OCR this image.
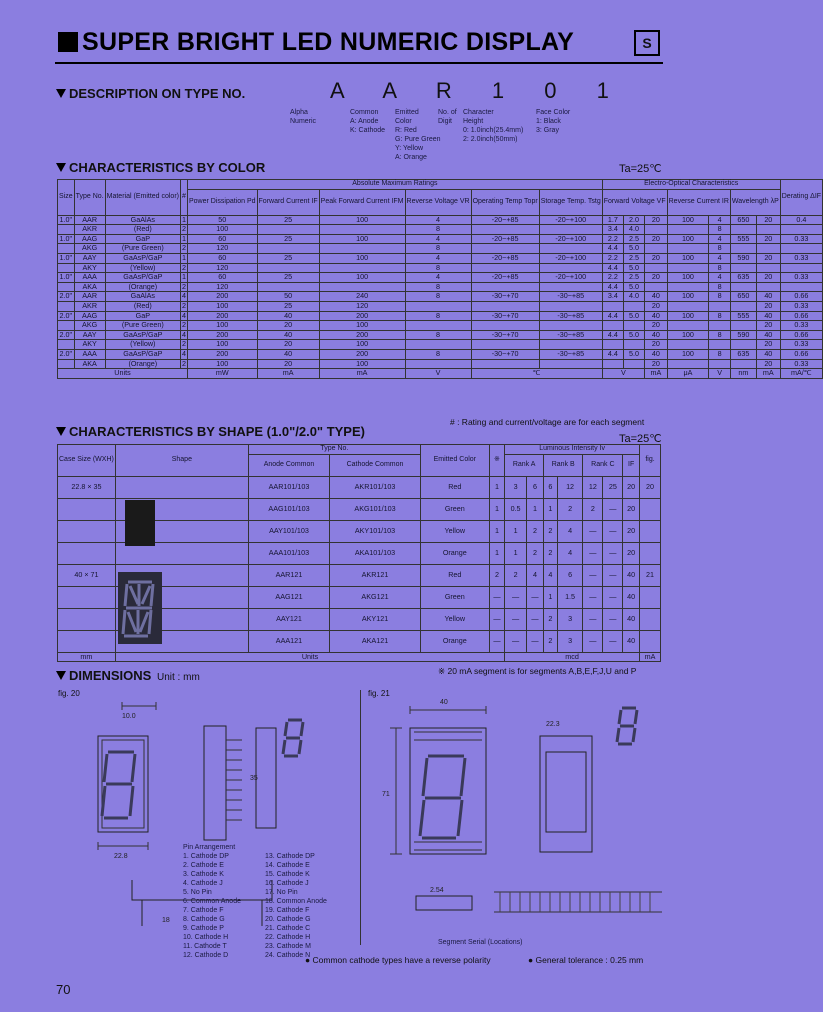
SUPER BRIGHT LED NUMERIC DISPLAY	S
DESCRIPTION ON TYPE NO.	A A R 1 0 1
Alpha
Numeric
Common
A: Anode
K: Cathode
Emitted
Color
R: Red
G: Pure Green
Y: Yellow
A: Orange
No. of
Digit
Character
Height
0: 1.0inch(25.4mm)
2: 2.0inch(50mm)
Face Color
1: Black
3: Gray
CHARACTERISTICS BY COLOR	Ta=25℃
Size	Type No.	Material (Emitted color)	#	Absolute Maximum Ratings						Electro-Optical Characteristics							Derating ΔIF
				Power Dissipation Pd	Forward Current IF	Peak Forward Current IFM	Reverse Voltage VR	Operating Temp Topr	Storage Temp. Tstg	Forward Voltage VF			Reverse Current IR		Wavelength λP		
1.0"	AAR	GaAlAs	1	50	25	100	4	-20~+85	-20~+100	1.7	2.0	20	100	4	650	20	0.4
	AKR	(Red)	2	100			8			3.4	4.0			8			
1.0"	AAG	GaP	1	60	25	100	4	-20~+85	-20~+100	2.2	2.5	20	100	4	555	20	0.33
	AKG	(Pure Green)	2	120			8			4.4	5.0			8			
1.0"	AAY	GaAsP/GaP	1	60	25	100	4	-20~+85	-20~+100	2.2	2.5	20	100	4	590	20	0.33
	AKY	(Yellow)	2	120			8			4.4	5.0			8			
1.0"	AAA	GaAsP/GaP	1	60	25	100	4	-20~+85	-20~+100	2.2	2.5	20	100	4	635	20	0.33
	AKA	(Orange)	2	120			8			4.4	5.0			8			
2.0"	AAR	GaAlAs	4	200	50	240	8	-30~+70	-30~+85	3.4	4.0	40	100	8	650	40	0.66
	AKR	(Red)	2	100	25	120						20				20	0.33
2.0"	AAG	GaP	4	200	40	200	8	-30~+70	-30~+85	4.4	5.0	40	100	8	555	40	0.66
	AKG	(Pure Green)	2	100	20	100						20				20	0.33
2.0"	AAY	GaAsP/GaP	4	200	40	200	8	-30~+70	-30~+85	4.4	5.0	40	100	8	590	40	0.66
	AKY	(Yellow)	2	100	20	100						20				20	0.33
2.0"	AAA	GaAsP/GaP	4	200	40	200	8	-30~+70	-30~+85	4.4	5.0	40	100	8	635	40	0.66
	AKA	(Orange)	2	100	20	100						20				20	0.33
Units				mW	mA	mA	V	℃		V		mA	μA	V	nm	mA	mA/℃
# : Rating and current/voltage are for each segment
CHARACTERISTICS BY SHAPE (1.0"/2.0" TYPE)	Ta=25℃
Case Size (WXH)	Shape	Type No.		Emitted Color	※	Luminous Intensity Iv							fig.
		Anode Common	Cathode Common			Rank A		Rank B		Rank C		IF	
22.8 × 35		AAR101/103	AKR101/103	Red	1	3	6	6	12	12	25	20	20
		AAG101/103	AKG101/103	Green	1	0.5	1	1	2	2	—	20	
		AAY101/103	AKY101/103	Yellow	1	1	2	2	4	—	—	20	
		AAA101/103	AKA101/103	Orange	1	1	2	2	4	—	—	20	
40 × 71		AAR121	AKR121	Red	2	2	4	4	6	—	—	40	21
		AAG121	AKG121	Green	—	—	—	1	1.5	—	—	40	
		AAY121	AKY121	Yellow	—	—	—	2	3	—	—	40	
		AAA121	AKA121	Orange	—	—	—	2	3	—	—	40	
mm	Units					mcd							mA
※ 20 mA segment is for segments A,B,E,F,J,U and P
DIMENSIONS Unit : mm
fig. 20	fig. 21
10.0
22.8
35
18
Pin Arrangement
1. Cathode DP	13. Cathode DP
2. Cathode E	14. Cathode E
3. Cathode K	15. Cathode K
4. Cathode J	16. Cathode J
5. No Pin	17. No Pin
6. Common Anode	18. Common Anode
7. Cathode F	19. Cathode F
8. Cathode G	20. Cathode G
9. Cathode P	21. Cathode C
10. Cathode H	22. Cathode H
11. Cathode T	23. Cathode M
12. Cathode D	24. Cathode N
40
71
2.54
22.3
Segment Serial (Locations)
● Common cathode types have a reverse polarity	● General tolerance : 0.25 mm
70
